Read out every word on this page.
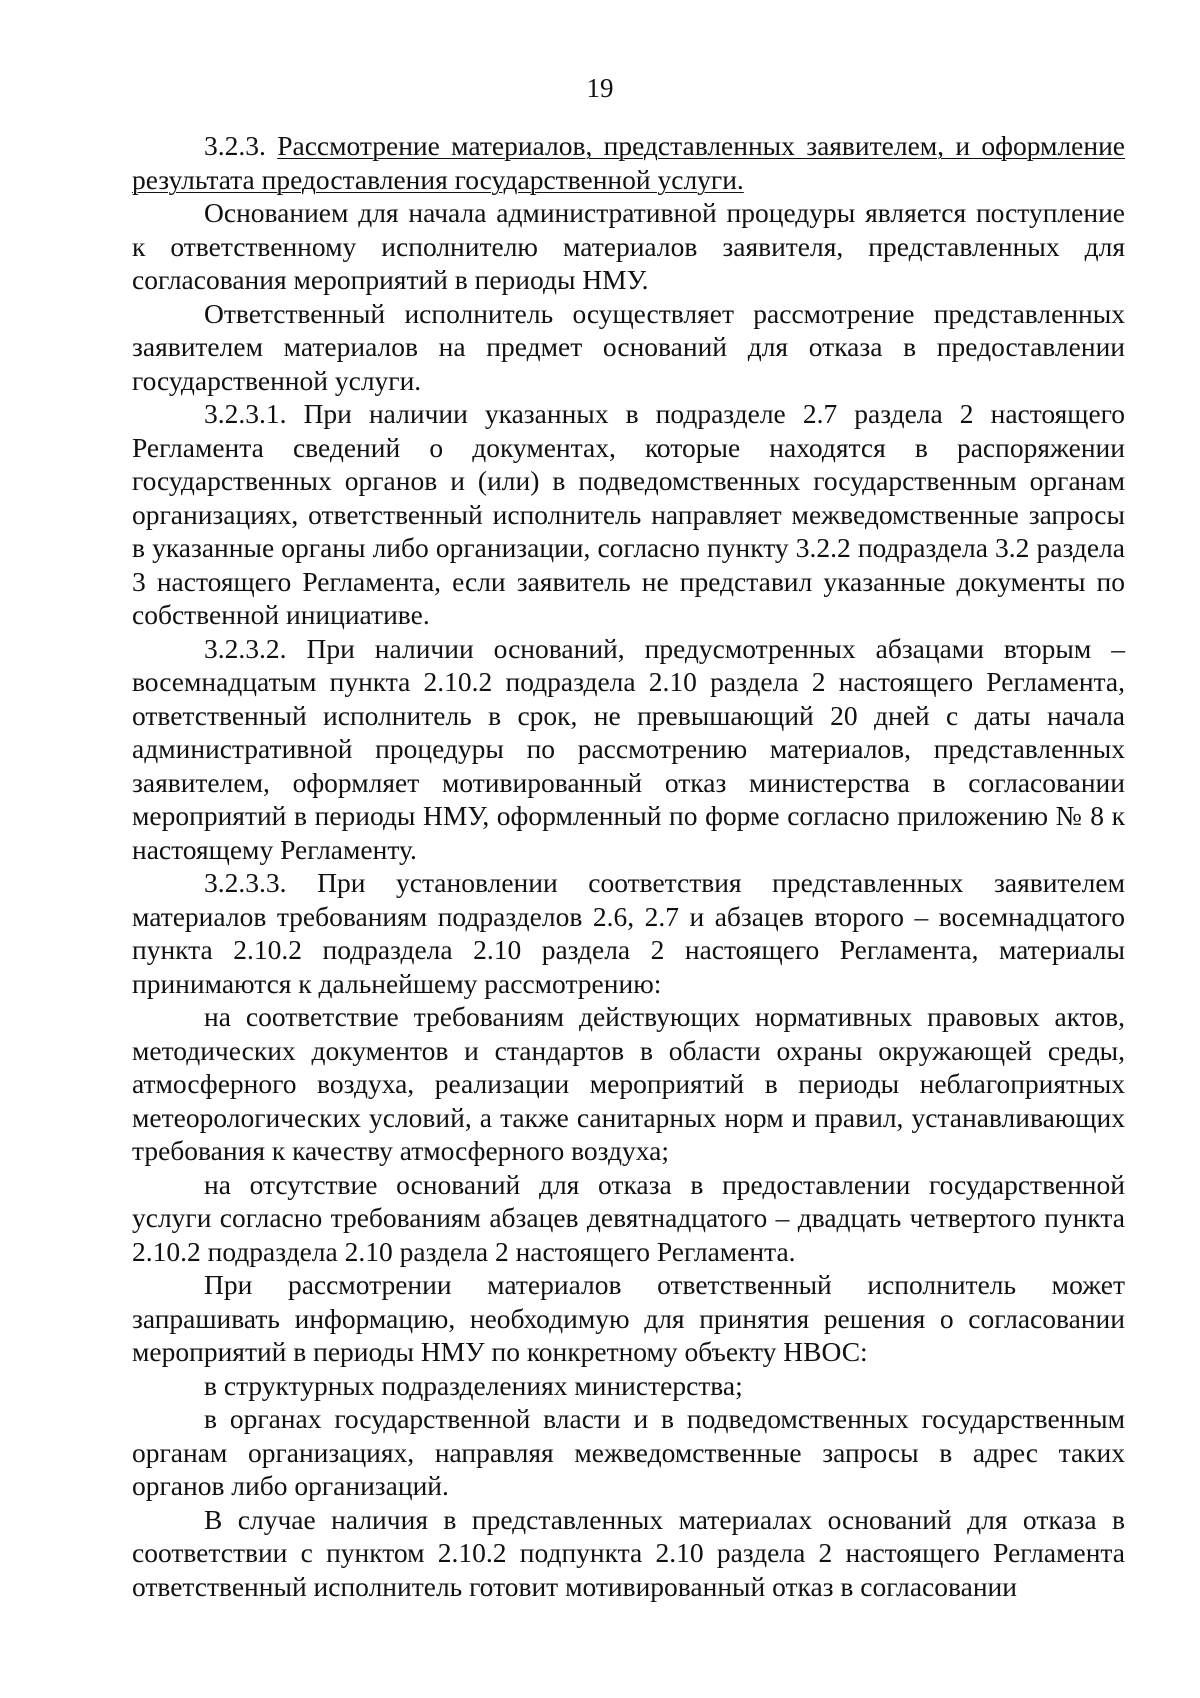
19

3.2.3. Рассмотрение материалов, представленных заявителем, и оформление результата предоставления государственной услуги.

Основанием для начала административной процедуры является поступление к ответственному исполнителю материалов заявителя, представленных для согласования мероприятий в периоды НМУ.

Ответственный исполнитель осуществляет рассмотрение представленных заявителем материалов на предмет оснований для отказа в предоставлении государственной услуги.

3.2.3.1. При наличии указанных в подразделе 2.7 раздела 2 настоящего Регламента сведений о документах, которые находятся в распоряжении государственных органов и (или) в подведомственных государственным органам организациях, ответственный исполнитель направляет межведомственные запросы в указанные органы либо организации, согласно пункту 3.2.2 подраздела 3.2 раздела 3 настоящего Регламента, если заявитель не представил указанные документы по собственной инициативе.

3.2.3.2. При наличии оснований, предусмотренных абзацами вторым – восемнадцатым пункта 2.10.2 подраздела 2.10 раздела 2 настоящего Регламента, ответственный исполнитель в срок, не превышающий 20 дней с даты начала административной процедуры по рассмотрению материалов, представленных заявителем, оформляет мотивированный отказ министерства в согласовании мероприятий в периоды НМУ, оформленный по форме согласно приложению № 8 к настоящему Регламенту.

3.2.3.3. При установлении соответствия представленных заявителем материалов требованиям подразделов 2.6, 2.7 и абзацев второго – восемнадцатого пункта 2.10.2 подраздела 2.10 раздела 2 настоящего Регламента, материалы принимаются к дальнейшему рассмотрению:

на соответствие требованиям действующих нормативных правовых актов, методических документов и стандартов в области охраны окружающей среды, атмосферного воздуха, реализации мероприятий в периоды неблагоприятных метеорологических условий, а также санитарных норм и правил, устанавливающих требования к качеству атмосферного воздуха;

на отсутствие оснований для отказа в предоставлении государственной услуги согласно требованиям абзацев девятнадцатого – двадцать четвертого пункта 2.10.2 подраздела 2.10 раздела 2 настоящего Регламента.

При рассмотрении материалов ответственный исполнитель может запрашивать информацию, необходимую для принятия решения о согласовании мероприятий в периоды НМУ по конкретному объекту НВОС:

в структурных подразделениях министерства;

в органах государственной власти и в подведомственных государственным органам организациях, направляя межведомственные запросы в адрес таких органов либо организаций.

В случае наличия в представленных материалах оснований для отказа в соответствии с пунктом 2.10.2 подпункта 2.10 раздела 2 настоящего Регламента ответственный исполнитель готовит мотивированный отказ в согласовании
